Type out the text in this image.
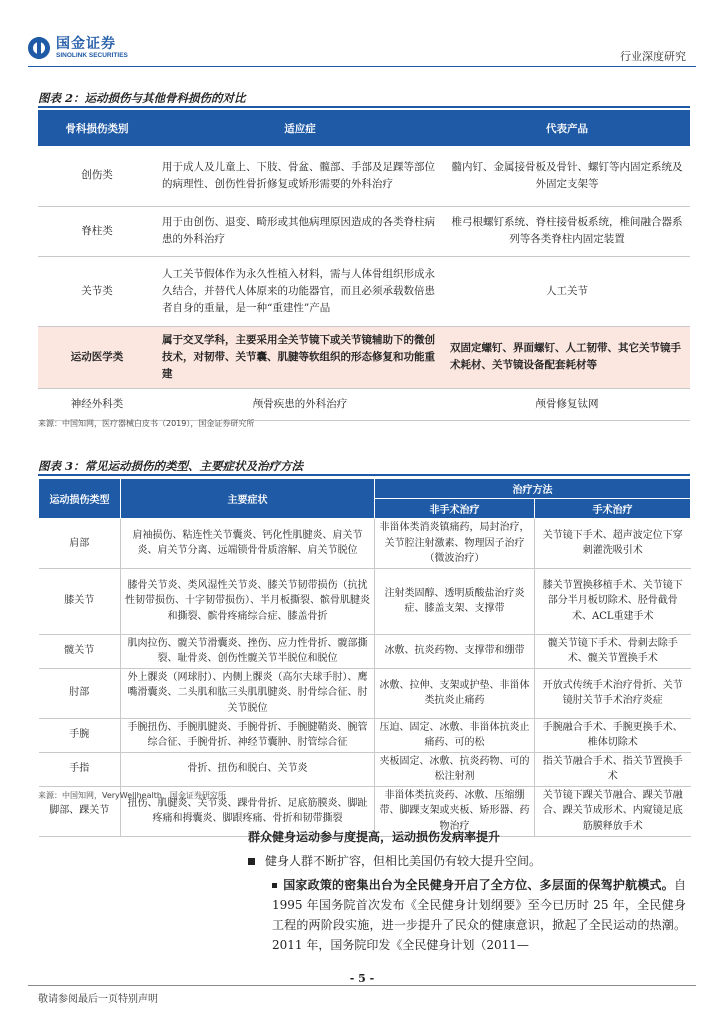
国金证券
SINOLINK SECURITIES	行业深度研究
图表 2：运动损伤与其他骨科损伤的对比
骨科损伤类别	适应症	代表产品
创伤类	用于成人及儿童上、下肢、骨盆、髋部、手部及足踝等部位的病理性、创伤性骨折修复或矫形需要的外科治疗	髓内钉、金属接骨板及骨针、螺钉等内固定系统及外固定支架等
脊柱类	用于由创伤、退变、畸形或其他病理原因造成的各类脊柱病患的外科治疗	椎弓根螺钉系统、脊柱接骨板系统，椎间融合器系列等各类脊柱内固定装置
关节类	人工关节假体作为永久性植入材料，需与人体骨组织形成永久结合，并替代人体原来的功能器官，而且必须承载数倍患者自身的重量，是一种“重建性”产品	人工关节
运动医学类	属于交叉学科，主要采用全关节镜下或关节镜辅助下的微创技术，对韧带、关节囊、肌腱等软组织的形态修复和功能重建	双固定螺钉、界面螺钉、人工韧带、其它关节镜手术耗材、关节镜设备配套耗材等
神经外科类	颅骨疾患的外科治疗	颅骨修复钛网
来源：中国知网，医疗器械白皮书（2019），国金证券研究所
图表 3：常见运动损伤的类型、主要症状及治疗方法
运动损伤类型	主要症状	治疗方法	
		非手术治疗	手术治疗
肩部	肩袖损伤、粘连性关节囊炎、钙化性肌腱炎、肩关节炎、肩关节分离、远端锁骨骨质溶解、肩关节脱位	非甾体类消炎镇痛药，局封治疗，关节腔注射激素、物理因子治疗（微波治疗）	关节镜下手术、超声波定位下穿刺灌洗吸引术
膝关节	膝骨关节炎、类风湿性关节炎、膝关节韧带损伤（抗扰性韧带损伤、十字韧带损伤）、半月板撕裂、髌骨肌腱炎和撕裂、髌骨疼痛综合症、膝盖骨折	注射类固醇、透明质酸盐治疗炎症、膝盖支架、支撑带	膝关节置换移植手术、关节镜下部分半月板切除术、胫骨截骨术、ACL重建手术
髋关节	肌肉拉伤、髋关节滑囊炎、挫伤、应力性骨折、髋部撕裂、耻骨炎、创伤性髋关节半脱位和脱位	冰敷、抗炎药物、支撑带和绷带	髋关节镜下手术、骨刺去除手术、髋关节置换手术
肘部	外上髁炎（网球肘）、内侧上髁炎（高尔夫球手肘）、鹰嘴滑囊炎、二头肌和肱三头肌肌腱炎、肘骨综合征、肘关节脱位	冰敷、拉伸、支架或护垫、非甾体类抗炎止痛药	开放式传统手术治疗骨折、关节镜肘关节手术治疗炎症
手腕	手腕扭伤、手腕肌腱炎、手腕骨折、手腕腱鞘炎、腕管综合征、手腕骨折、神经节囊肿、肘管综合征	压迫、固定、冰敷、非甾体抗炎止痛药、可的松	手腕融合手术、手腕更换手术、椎体切除术
手指	骨折、扭伤和脱白、关节炎	夹板固定、冰敷、抗炎药物、可的松注射剂	指关节融合手术、指关节置换手术
脚部、踝关节	扭伤、肌腱炎、关节炎、踝骨骨折、足底筋膜炎、脚趾疼痛和拇囊炎、脚跟疼痛、骨折和韧带撕裂	非甾体类抗炎药、冰敷、压缩绷带、脚踝支架或夹板、矫形器、药物治疗	关节镜下踝关节融合、踝关节融合、踝关节成形术、内窥镜足底筋膜释放手术
来源：中国知网，VeryWellhealth，国金证券研究所
群众健身运动参与度提高，运动损伤发病率提升
健身人群不断扩容，但相比美国仍有较大提升空间。
国家政策的密集出台为全民健身开启了全方位、多层面的保驾护航模式。自 1995 年国务院首次发布《全民健身计划纲要》至今已历时 25 年，全民健身工程的两阶段实施，进一步提升了民众的健康意识，掀起了全民运动的热潮。2011 年，国务院印发《全民健身计划（2011—
- 5 -
敬请参阅最后一页特别声明
